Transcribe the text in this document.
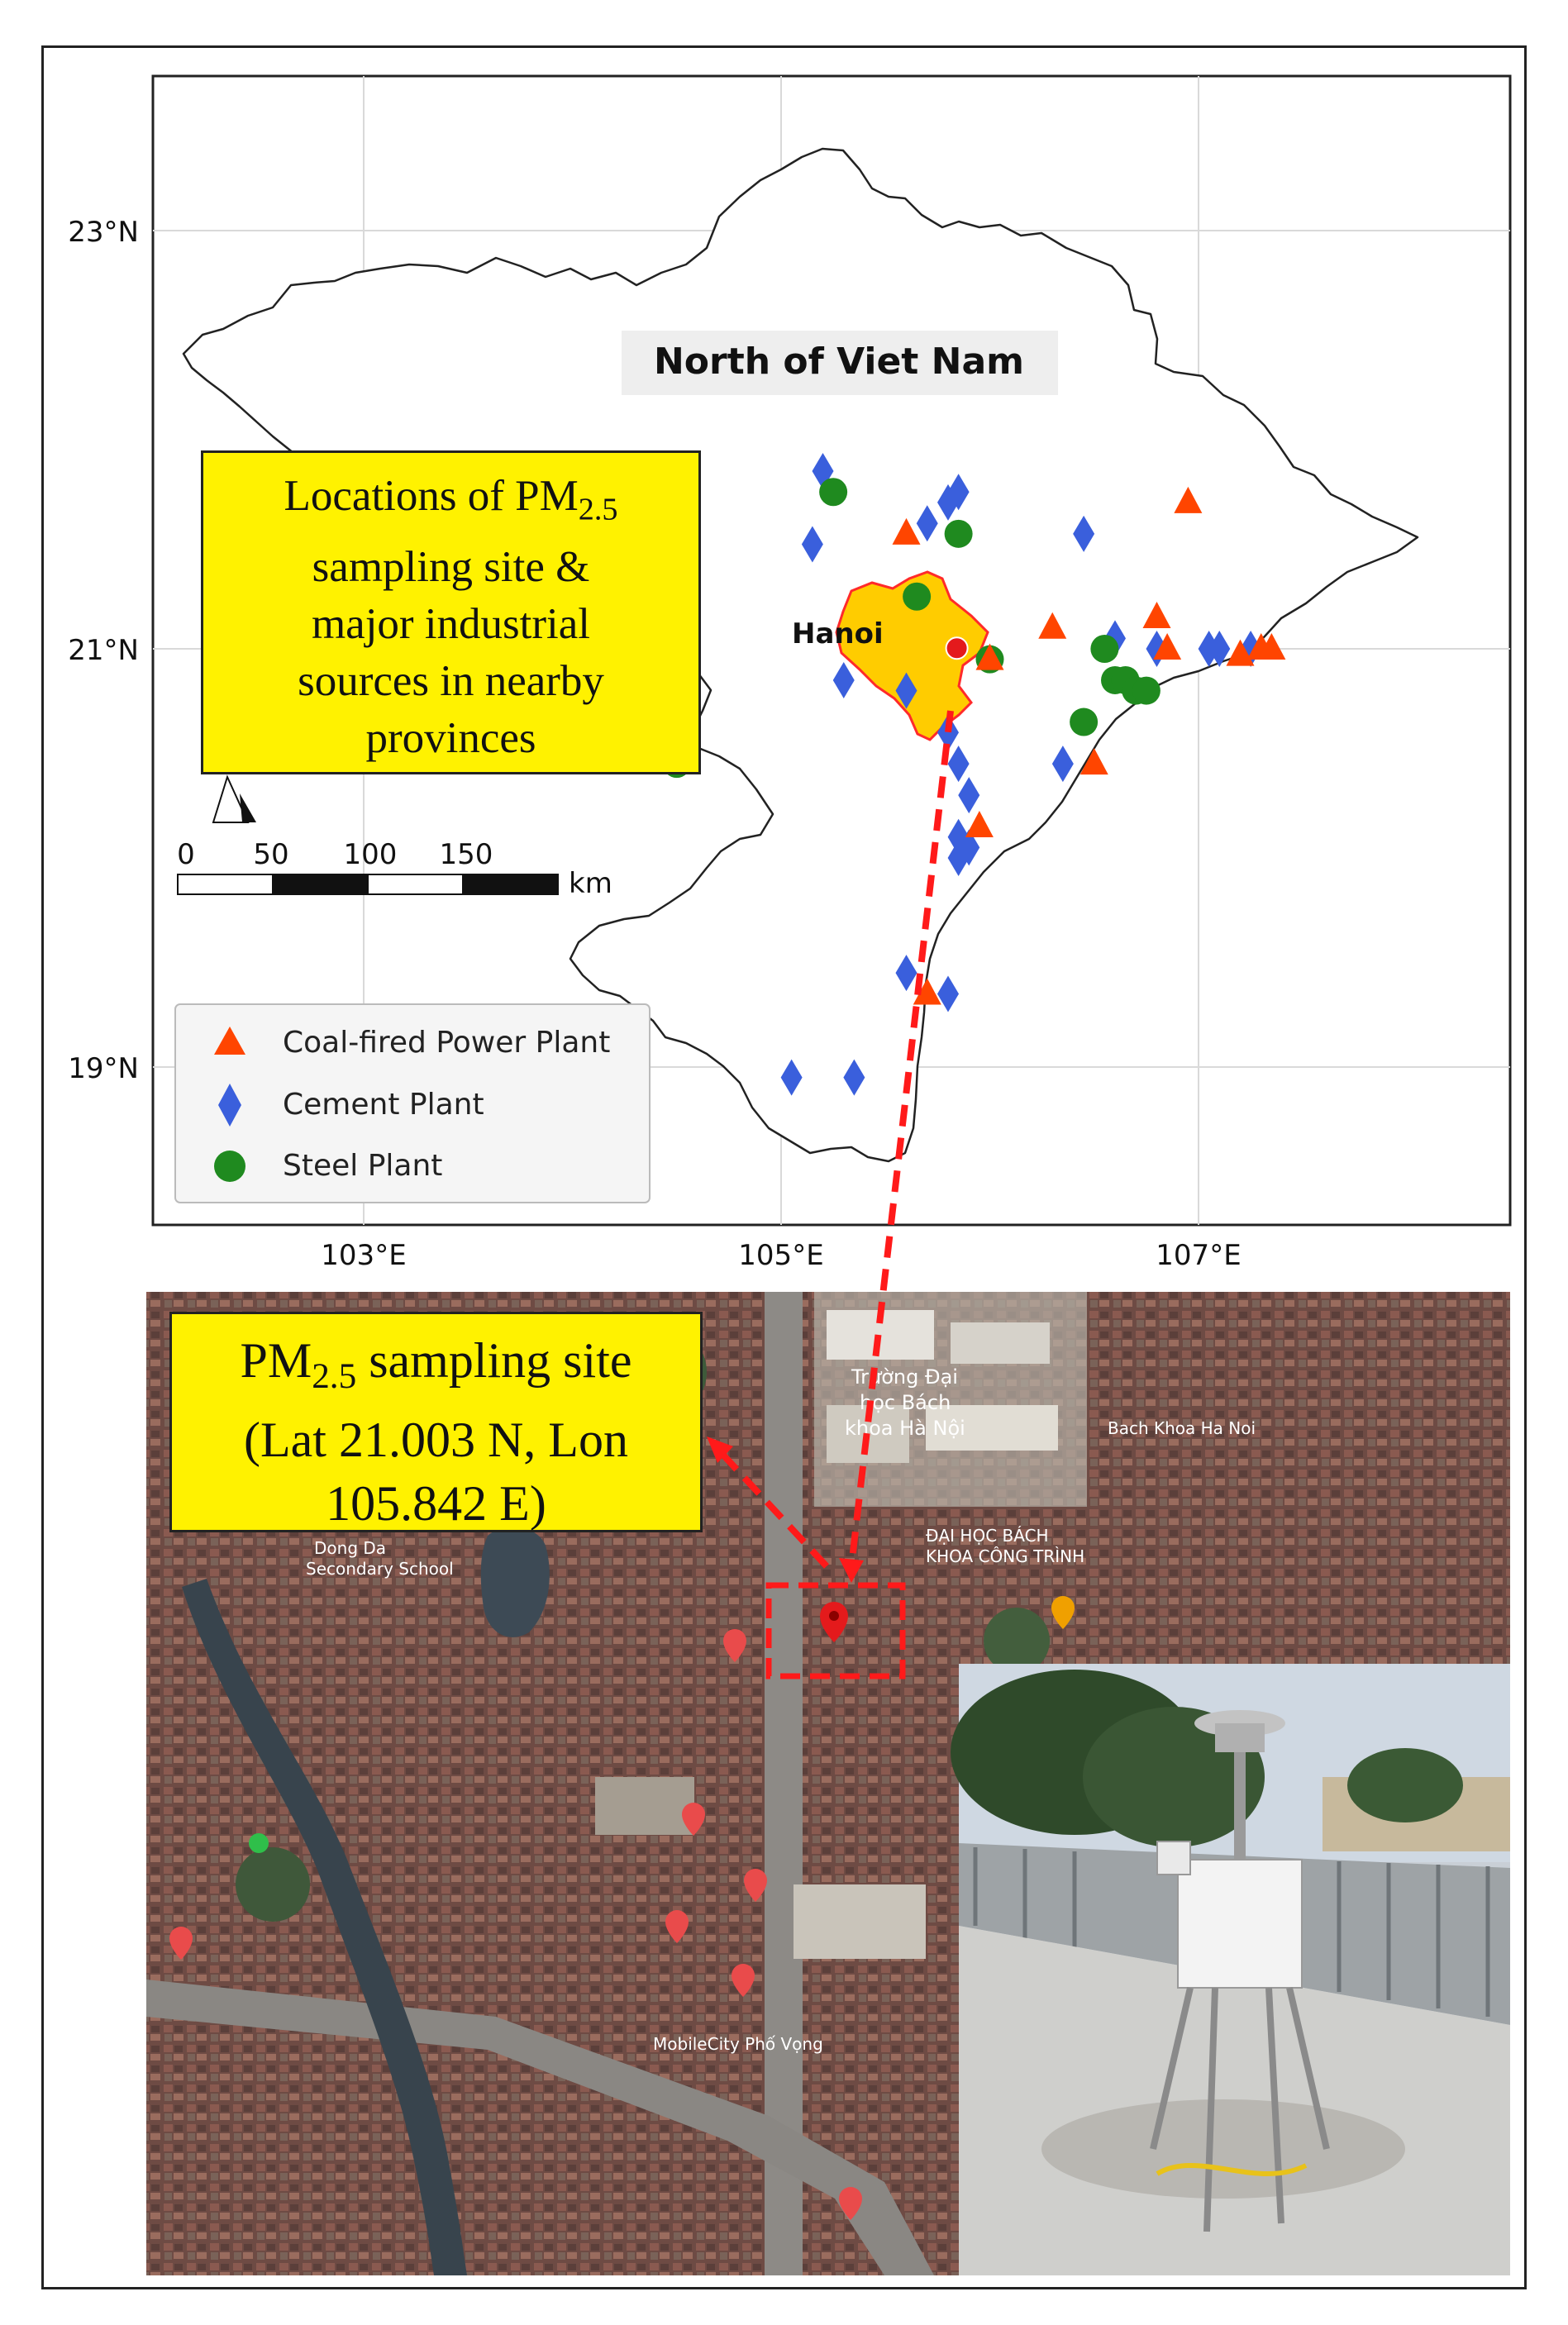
North of Viet Nam
Hanoi
23°N
21°N
19°N
103°E	105°E	107°E
0 50 100 150
km
Coal-fired Power Plant
Cement Plant
Steel Plant
Trường Đại
học Bách
khoa Hà Nội	Bach Khoa Ha Noi
Dong Da
Secondary School
ĐẠI HỌC BÁCH
KHOA CÔNG TRÌNH
MobileCity Phố Vọng
Locations of $PM_{2.5}$
sampling site &
major industrial
sources in nearby
provinces
$PM_{2.5}$ sampling site
(Lat 21.003 N, Lon
105.842 E)
